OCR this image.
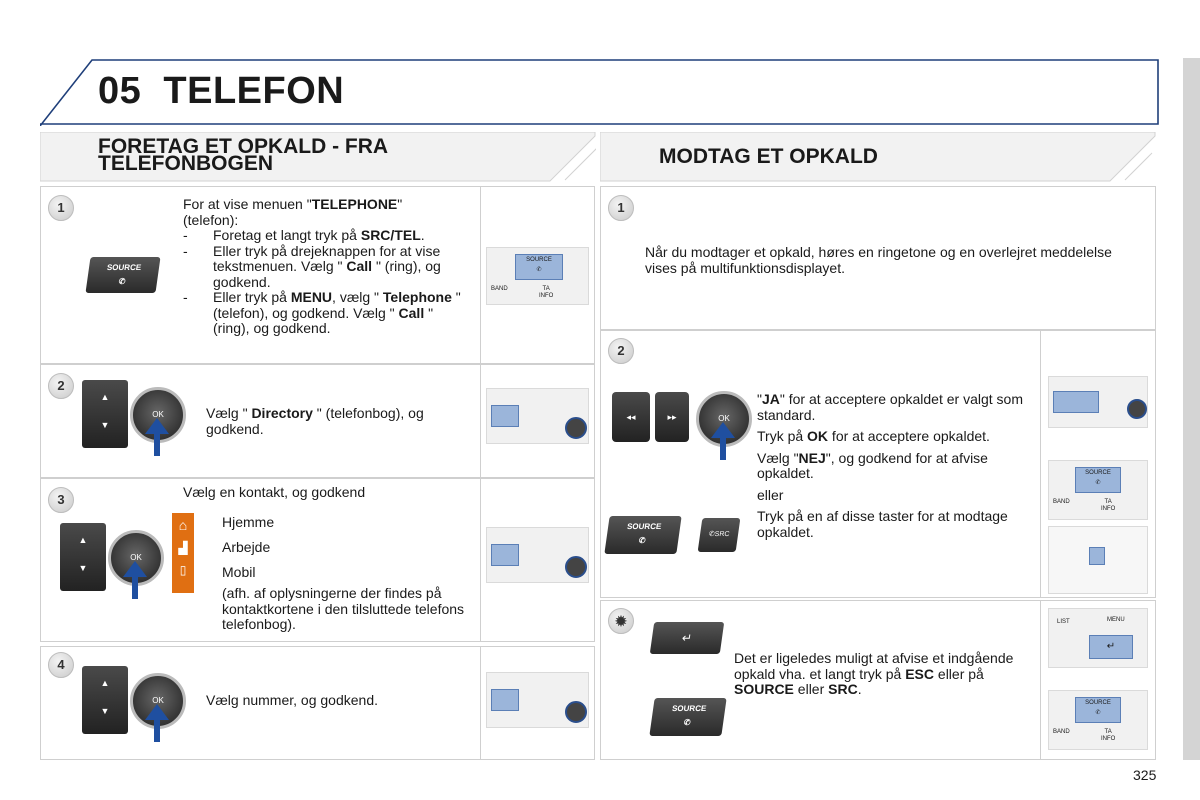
05 TELEFON
FORETAG ET OPKALD - FRA
TELEFONBOGEN	MODTAG ET OPKALD
1
SOURCE
✆
For at vise menuen "TELEPHONE"
(telefon):
- Foretag et langt tryk på SRC/TEL.
- Eller tryk på drejeknappen for at vise tekstmenuen. Vælg " Call " (ring), og godkend.
- Eller tryk på MENU, vælg " Telephone " (telefon), og godkend. Vælg " Call " (ring), og godkend.
SOURCE
✆
BAND	TA
INFO
2
▲
▼
OK	Vælg " Directory " (telefonbog), og godkend.
3	Vælg en kontakt, og godkend
▲
▼
OK
⌂
▟
▯
Hjemme
Arbejde
Mobil
(afh. af oplysningerne der findes på kontaktkortene i den tilsluttede telefons telefonbog).
4
▲
▼
OK	Vælg nummer, og godkend.
1
Når du modtager et opkald, høres en ringetone og en overlejret meddelelse vises på multifunktionsdisplayet.
2
◂◂	▸▸	OK
SOURCE
✆
✆SRC
"JA" for at acceptere opkaldet er valgt som standard.
Tryk på OK for at acceptere opkaldet.
Vælg "NEJ", og godkend for at afvise opkaldet.
eller
Tryk på en af disse taster for at modtage opkaldet.
SOURCE
✆
BAND	TA
INFO
✹
↵
SOURCE
✆
Det er ligeledes muligt at afvise et indgående opkald vha. et langt tryk på ESC eller på SOURCE eller SRC.
LIST	MENU
↵
SOURCE
✆
BAND	TA
INFO
325
